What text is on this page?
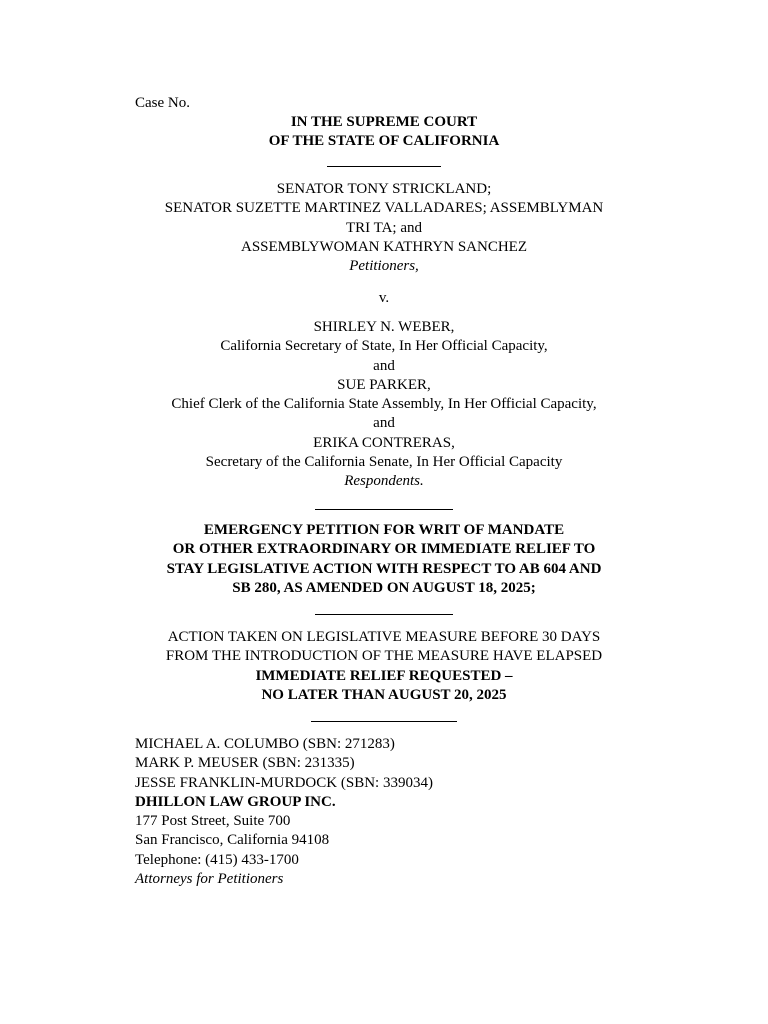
Case No.
IN THE SUPREME COURT
OF THE STATE OF CALIFORNIA
SENATOR TONY STRICKLAND;
SENATOR SUZETTE MARTINEZ VALLADARES; ASSEMBLYMAN
TRI TA; and
ASSEMBLYWOMAN KATHRYN SANCHEZ
Petitioners,
v.
SHIRLEY N. WEBER,
California Secretary of State, In Her Official Capacity,
and
SUE PARKER,
Chief Clerk of the California State Assembly, In Her Official Capacity,
and
ERIKA CONTRERAS,
Secretary of the California Senate, In Her Official Capacity
Respondents.
EMERGENCY PETITION FOR WRIT OF MANDATE
OR OTHER EXTRAORDINARY OR IMMEDIATE RELIEF TO
STAY LEGISLATIVE ACTION WITH RESPECT TO AB 604 AND
SB 280, AS AMENDED ON AUGUST 18, 2025;
ACTION TAKEN ON LEGISLATIVE MEASURE BEFORE 30 DAYS
FROM THE INTRODUCTION OF THE MEASURE HAVE ELAPSED
IMMEDIATE RELIEF REQUESTED –
NO LATER THAN AUGUST 20, 2025
MICHAEL A. COLUMBO (SBN: 271283)
MARK P. MEUSER (SBN: 231335)
JESSE FRANKLIN-MURDOCK (SBN: 339034)
DHILLON LAW GROUP INC.
177 Post Street, Suite 700
San Francisco, California 94108
Telephone: (415) 433-1700
Attorneys for Petitioners
